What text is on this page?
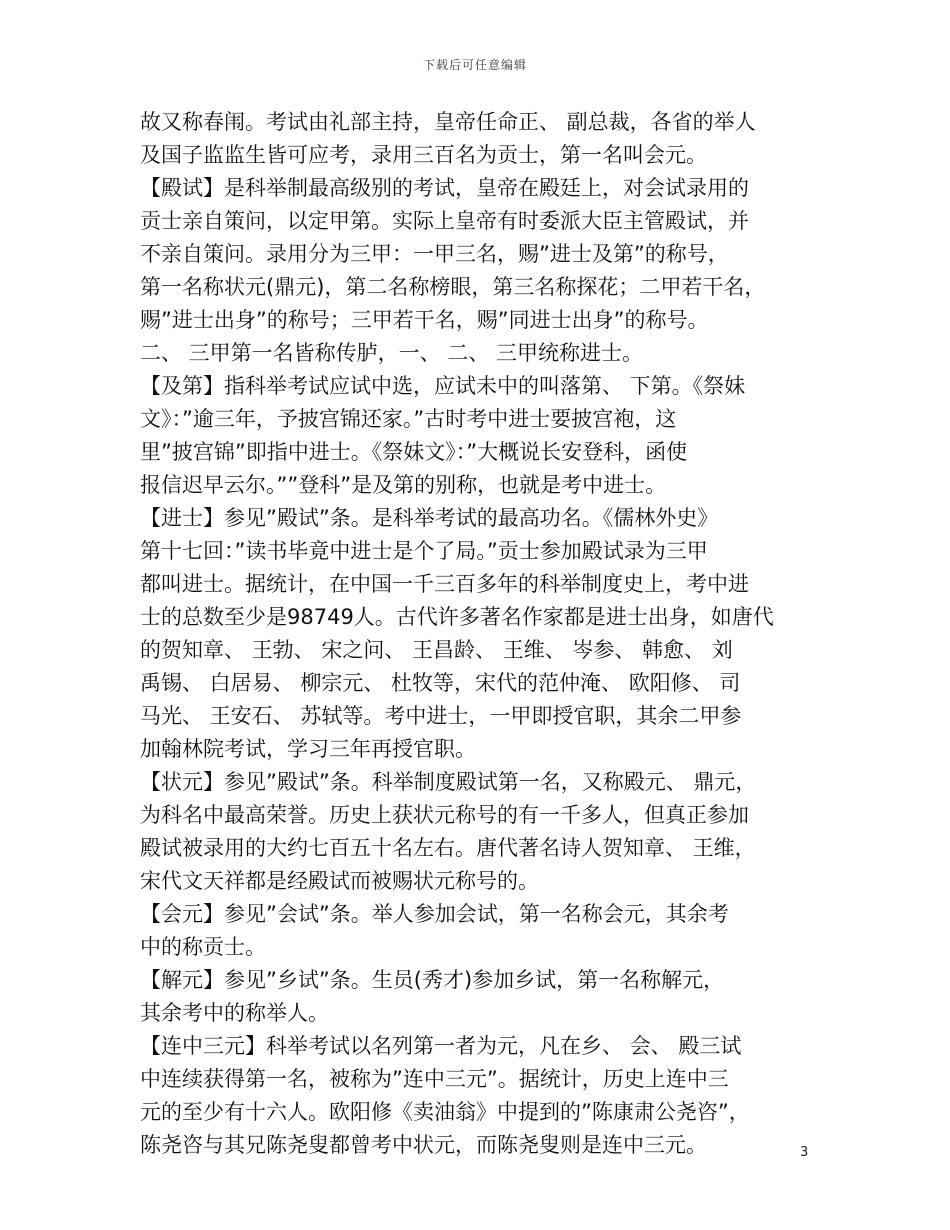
下载后可任意编辑
故又称春闱。考试由礼部主持，皇帝任命正、 副总裁，各省的举人
及国子监监生皆可应考，录用三百名为贡士，第一名叫会元。
【殿试】是科举制最高级别的考试，皇帝在殿廷上，对会试录用的
贡士亲自策问，以定甲第。实际上皇帝有时委派大臣主管殿试，并
不亲自策问。录用分为三甲：一甲三名，赐”进士及第”的称号，
第一名称状元(鼎元)，第二名称榜眼，第三名称探花；二甲若干名，
赐”进士出身”的称号；三甲若干名，赐”同进士出身”的称号。
二、 三甲第一名皆称传胪，一、 二、 三甲统称进士。
【及第】指科举考试应试中选，应试未中的叫落第、 下第。《祭妹
文》：”逾三年，予披宫锦还家。”古时考中进士要披宫袍，这
里”披宫锦”即指中进士。《祭妹文》：”大概说长安登科，函使
报信迟早云尔。””登科”是及第的别称，也就是考中进士。
【进士】参见”殿试”条。是科举考试的最高功名。《儒林外史》
第十七回：”读书毕竟中进士是个了局。”贡士参加殿试录为三甲
都叫进士。据统计，在中国一千三百多年的科举制度史上，考中进
士的总数至少是98749人。古代许多著名作家都是进士出身，如唐代
的贺知章、 王勃、 宋之问、 王昌龄、 王维、 岑参、 韩愈、 刘
禹锡、 白居易、 柳宗元、 杜牧等，宋代的范仲淹、 欧阳修、 司
马光、 王安石、 苏轼等。考中进士，一甲即授官职，其余二甲参
加翰林院考试，学习三年再授官职。
【状元】参见”殿试”条。科举制度殿试第一名，又称殿元、 鼎元，
为科名中最高荣誉。历史上获状元称号的有一千多人，但真正参加
殿试被录用的大约七百五十名左右。唐代著名诗人贺知章、 王维，
宋代文天祥都是经殿试而被赐状元称号的。
【会元】参见”会试”条。举人参加会试，第一名称会元，其余考
中的称贡士。
【解元】参见”乡试”条。生员(秀才)参加乡试，第一名称解元，
其余考中的称举人。
【连中三元】科举考试以名列第一者为元，凡在乡、 会、 殿三试
中连续获得第一名，被称为”连中三元”。据统计，历史上连中三
元的至少有十六人。欧阳修《卖油翁》中提到的”陈康肃公尧咨”，
陈尧咨与其兄陈尧叟都曾考中状元，而陈尧叟则是连中三元。	3
